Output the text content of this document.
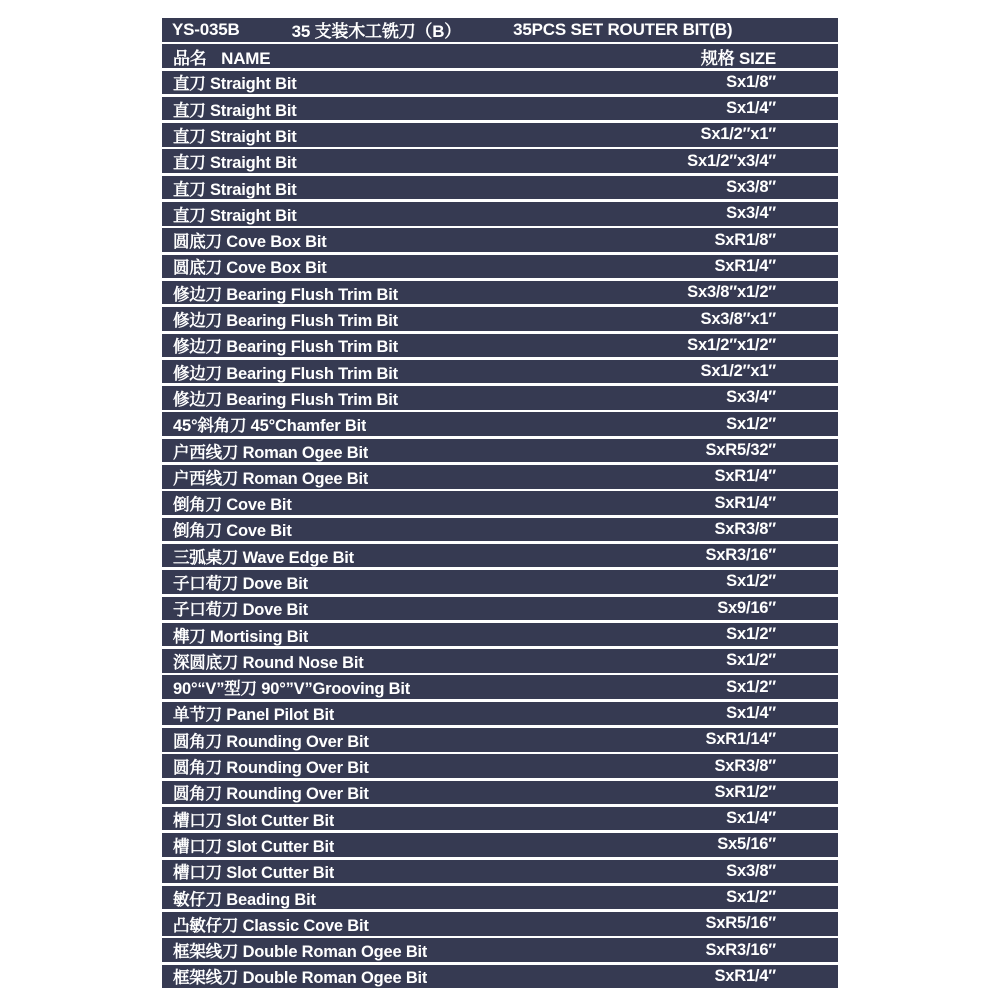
YS-035B	35 支装木工铣刀（B）	35PCS SET ROUTER BIT(B)
品名 NAME	规格 SIZE
直刀 Straight Bit	Sx1/8″
直刀 Straight Bit	Sx1/4″
直刀 Straight Bit	Sx1/2″x1″
直刀 Straight Bit	Sx1/2″x3/4″
直刀 Straight Bit	Sx3/8″
直刀 Straight Bit	Sx3/4″
圆底刀 Cove Box Bit	SxR1/8″
圆底刀 Cove Box Bit	SxR1/4″
修边刀 Bearing Flush Trim Bit	Sx3/8″x1/2″
修边刀 Bearing Flush Trim Bit	Sx3/8″x1″
修边刀 Bearing Flush Trim Bit	Sx1/2″x1/2″
修边刀 Bearing Flush Trim Bit	Sx1/2″x1″
修边刀 Bearing Flush Trim Bit	Sx3/4″
45°斜角刀 45°Chamfer Bit	Sx1/2″
户西线刀 Roman Ogee Bit	SxR5/32″
户西线刀 Roman Ogee Bit	SxR1/4″
倒角刀 Cove Bit	SxR1/4″
倒角刀 Cove Bit	SxR3/8″
三弧桌刀 Wave Edge Bit	SxR3/16″
子口荀刀 Dove Bit	Sx1/2″
子口荀刀 Dove Bit	Sx9/16″
榫刀 Mortising Bit	Sx1/2″
深圆底刀 Round Nose Bit	Sx1/2″
90°“V”型刀 90°”V”Grooving Bit	Sx1/2″
单节刀 Panel Pilot Bit	Sx1/4″
圆角刀 Rounding Over Bit	SxR1/14″
圆角刀 Rounding Over Bit	SxR3/8″
圆角刀 Rounding Over Bit	SxR1/2″
槽口刀 Slot Cutter Bit	Sx1/4″
槽口刀 Slot Cutter Bit	Sx5/16″
槽口刀 Slot Cutter Bit	Sx3/8″
敏仔刀 Beading Bit	Sx1/2″
凸敏仔刀 Classic Cove Bit	SxR5/16″
框架线刀 Double Roman Ogee Bit	SxR3/16″
框架线刀 Double Roman Ogee Bit	SxR1/4″
